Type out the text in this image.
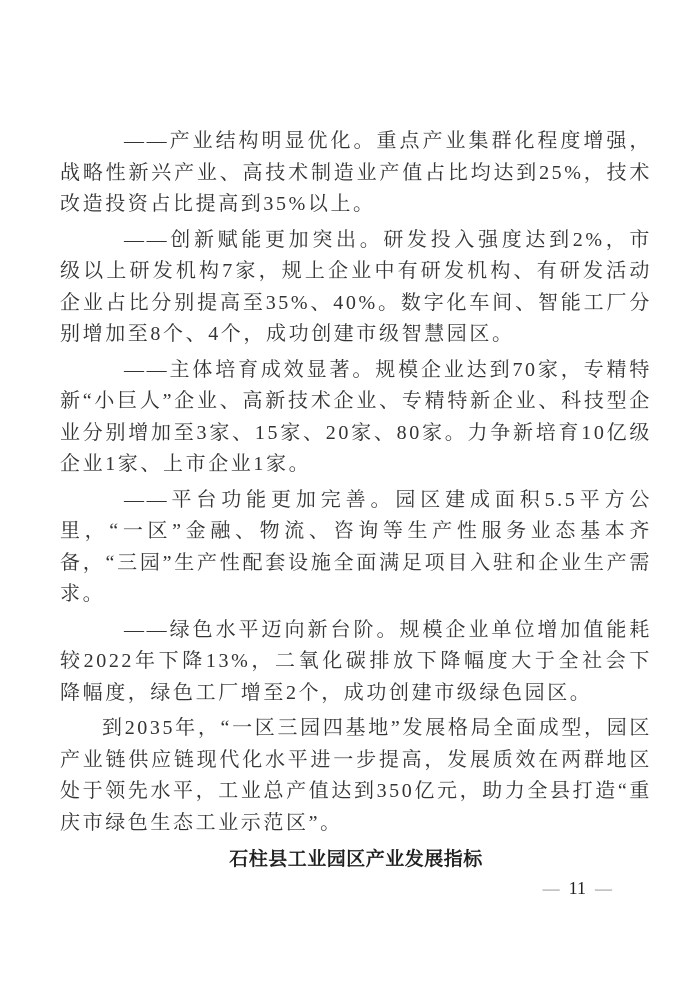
——产业结构明显优化。重点产业集群化程度增强，战略性新兴产业、高技术制造业产值占比均达到25%，技术改造投资占比提高到35%以上。

——创新赋能更加突出。研发投入强度达到2%，市级以上研发机构7家，规上企业中有研发机构、有研发活动企业占比分别提高至35%、40%。数字化车间、智能工厂分别增加至8个、4个，成功创建市级智慧园区。

——主体培育成效显著。规模企业达到70家，专精特新“小巨人”企业、高新技术企业、专精特新企业、科技型企业分别增加至3家、15家、20家、80家。力争新培育10亿级企业1家、上市企业1家。

——平台功能更加完善。园区建成面积5.5平方公里，“一区”金融、物流、咨询等生产性服务业态基本齐备，“三园”生产性配套设施全面满足项目入驻和企业生产需求。

——绿色水平迈向新台阶。规模企业单位增加值能耗较2022年下降13%，二氧化碳排放下降幅度大于全社会下降幅度，绿色工厂增至2个，成功创建市级绿色园区。

到2035年，“一区三园四基地”发展格局全面成型，园区产业链供应链现代化水平进一步提高，发展质效在两群地区处于领先水平，工业总产值达到350亿元，助力全县打造“重庆市绿色生态工业示范区”。

石柱县工业园区产业发展指标
— 11 —
